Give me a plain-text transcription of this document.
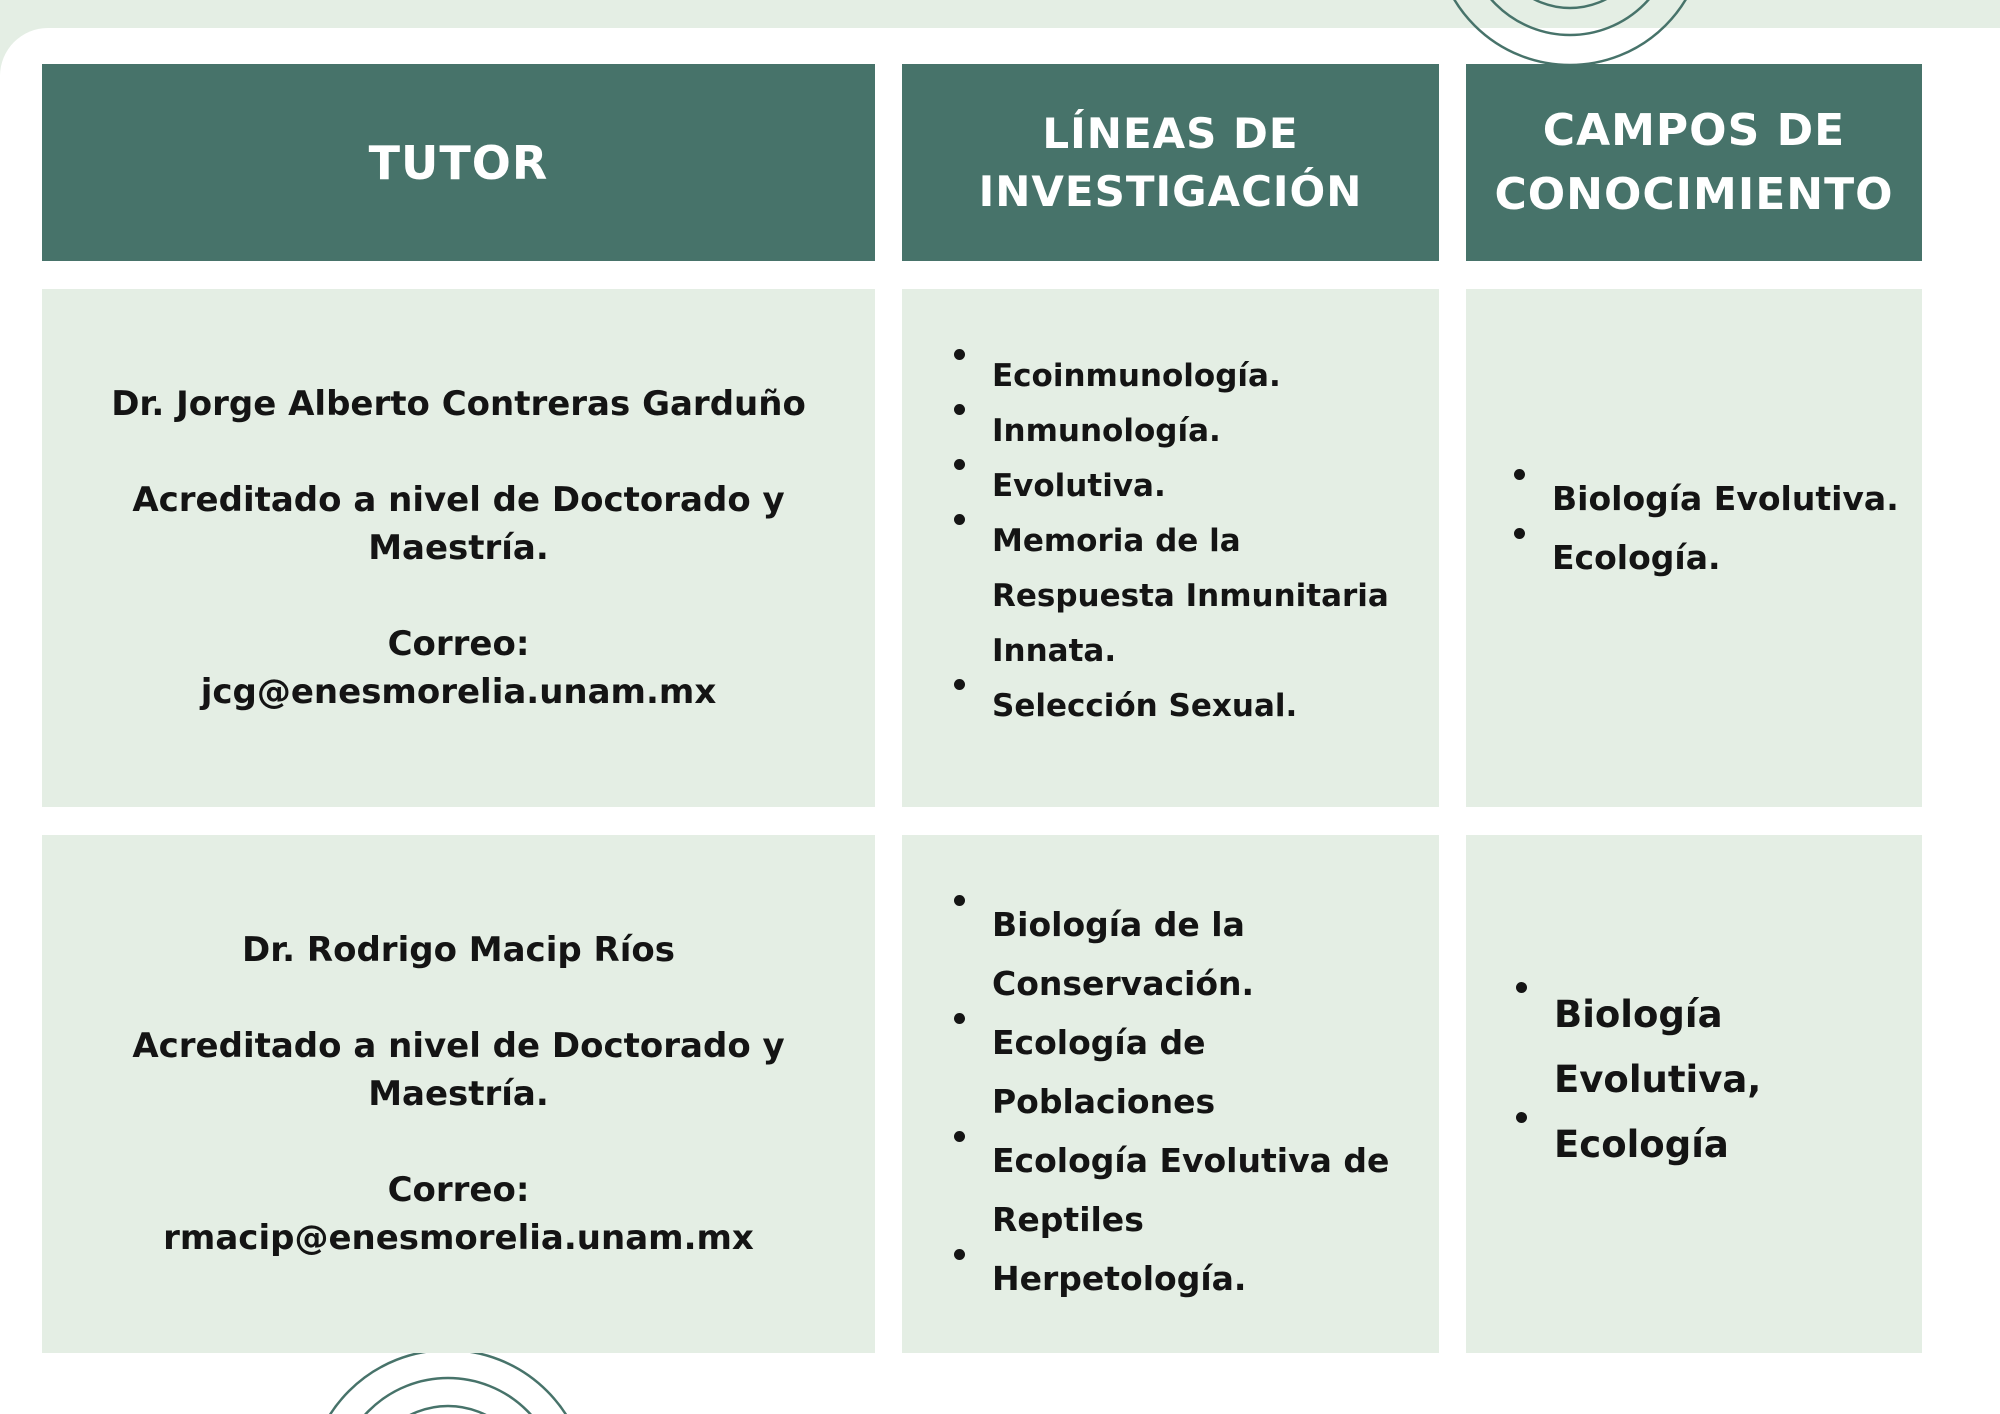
TUTOR
LÍNEAS DE
INVESTIGACIÓN
CAMPOS DE
CONOCIMIENTO

Dr. Jorge Alberto Contreras Garduño

Acreditado a nivel de Doctorado y

Maestría.

Correo:

jcg@enesmorelia.unam.mx

Ecoinmunología.
Inmunología.
Evolutiva.
Memoria de la
Respuesta Inmunitaria
Innata.
Selección Sexual.
Biología Evolutiva.
Ecología.

Dr. Rodrigo Macip Ríos

Acreditado a nivel de Doctorado y

Maestría.

Correo:

rmacip@enesmorelia.unam.mx

Biología de la
Conservación.
Ecología de
Poblaciones
Ecología Evolutiva de
Reptiles
Herpetología.
Biología
Evolutiva,
Ecología
